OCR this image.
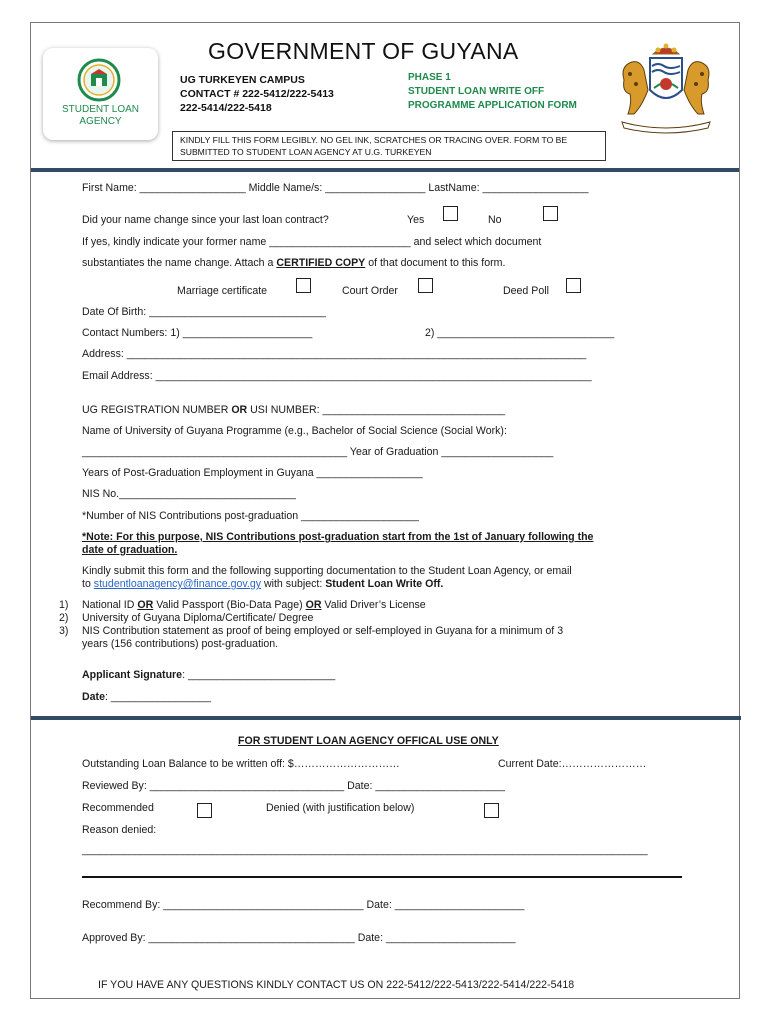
STUDENT LOAN
AGENCY
GOVERNMENT OF GUYANA
UG TURKEYEN CAMPUS
CONTACT # 222-5412/222-5413
222-5414/222-5418
PHASE 1
STUDENT LOAN WRITE OFF
PROGRAMME APPLICATION FORM
KINDLY FILL THIS FORM LEGIBLY. NO GEL INK, SCRATCHES OR TRACING OVER. FORM TO BE SUBMITTED TO STUDENT LOAN AGENCY AT U.G. TURKEYEN
First Name: __________________ Middle Name/s: _________________ LastName: __________________
Did your name change since your last loan contract?	Yes	No
If yes, kindly indicate your former name ________________________ and select which document
substantiates the name change. Attach a CERTIFIED COPY of that document to this form.
Marriage certificate	Court Order	Deed Poll
Date Of Birth: ______________________________
Contact Numbers: 1) ______________________	2) ______________________________
Address: ______________________________________________________________________________
Email Address: __________________________________________________________________________
UG REGISTRATION NUMBER OR USI NUMBER: _______________________________
Name of University of Guyana Programme (e.g., Bachelor of Social Science (Social Work):
_____________________________________________ Year of Graduation ___________________
Years of Post-Graduation Employment in Guyana __________________
NIS No.______________________________
*Number of NIS Contributions post-graduation ____________________
*Note: For this purpose, NIS Contributions post-graduation start from the 1st of January following the
date of graduation.
Kindly submit this form and the following supporting documentation to the Student Loan Agency, or email
to studentloanagency@finance.gov.gy with subject: Student Loan Write Off.
1) National ID OR Valid Passport (Bio-Data Page) OR Valid Driver’s License
2) University of Guyana Diploma/Certificate/ Degree
3) NIS Contribution statement as proof of being employed or self-employed in Guyana for a minimum of 3
years (156 contributions) post-graduation.
Applicant Signature: _________________________
Date: _________________
FOR STUDENT LOAN AGENCY OFFICAL USE ONLY
Outstanding Loan Balance to be written off: $…………………………	Current Date:……………………
Reviewed By: _________________________________ Date: ______________________
Recommended	Denied (with justification below)
Reason denied:
________________________________________________________________________________________________
Recommend By: __________________________________ Date: ______________________
Approved By: ___________________________________ Date: ______________________
IF YOU HAVE ANY QUESTIONS KINDLY CONTACT US ON 222-5412/222-5413/222-5414/222-5418
